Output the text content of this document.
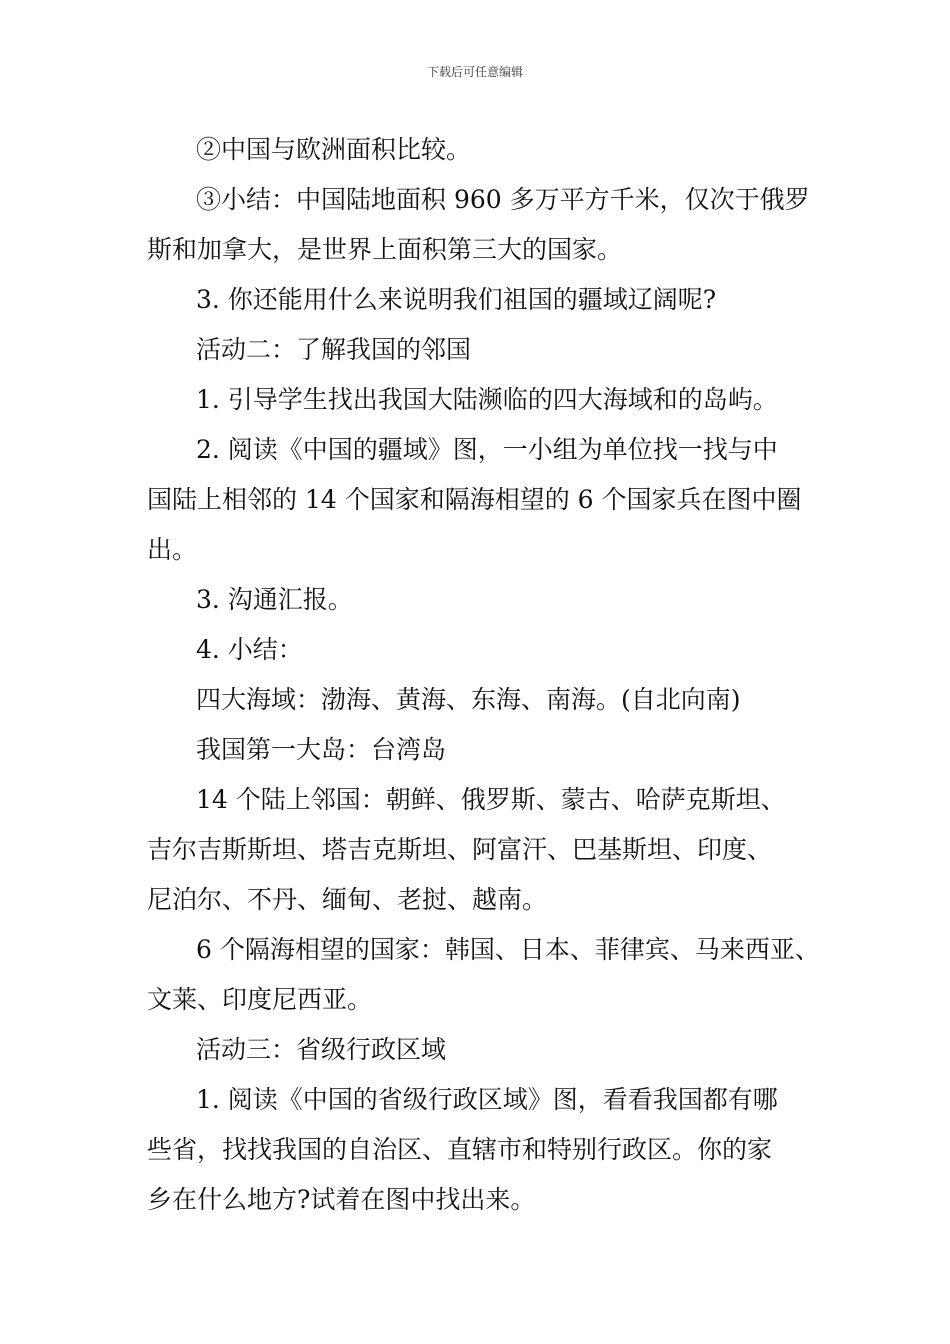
下载后可任意编辑
②中国与欧洲面积比较。
③小结：中国陆地面积 960 多万平方千米，仅次于俄罗
斯和加拿大，是世界上面积第三大的国家。
3. 你还能用什么来说明我们祖国的疆域辽阔呢?
活动二：了解我国的邻国
1. 引导学生找出我国大陆濒临的四大海域和的岛屿。
2. 阅读《中国的疆域》图，一小组为单位找一找与中
国陆上相邻的 14 个国家和隔海相望的 6 个国家兵在图中圈
出。
3. 沟通汇报。
4. 小结：
四大海域：渤海、黄海、东海、南海。(自北向南)
我国第一大岛：台湾岛
14 个陆上邻国：朝鲜、俄罗斯、蒙古、哈萨克斯坦、
吉尔吉斯斯坦、塔吉克斯坦、阿富汗、巴基斯坦、印度、
尼泊尔、不丹、缅甸、老挝、越南。
6 个隔海相望的国家：韩国、日本、菲律宾、马来西亚、
文莱、印度尼西亚。
活动三：省级行政区域
1. 阅读《中国的省级行政区域》图，看看我国都有哪
些省，找找我国的自治区、直辖市和特别行政区。你的家
乡在什么地方?试着在图中找出来。
